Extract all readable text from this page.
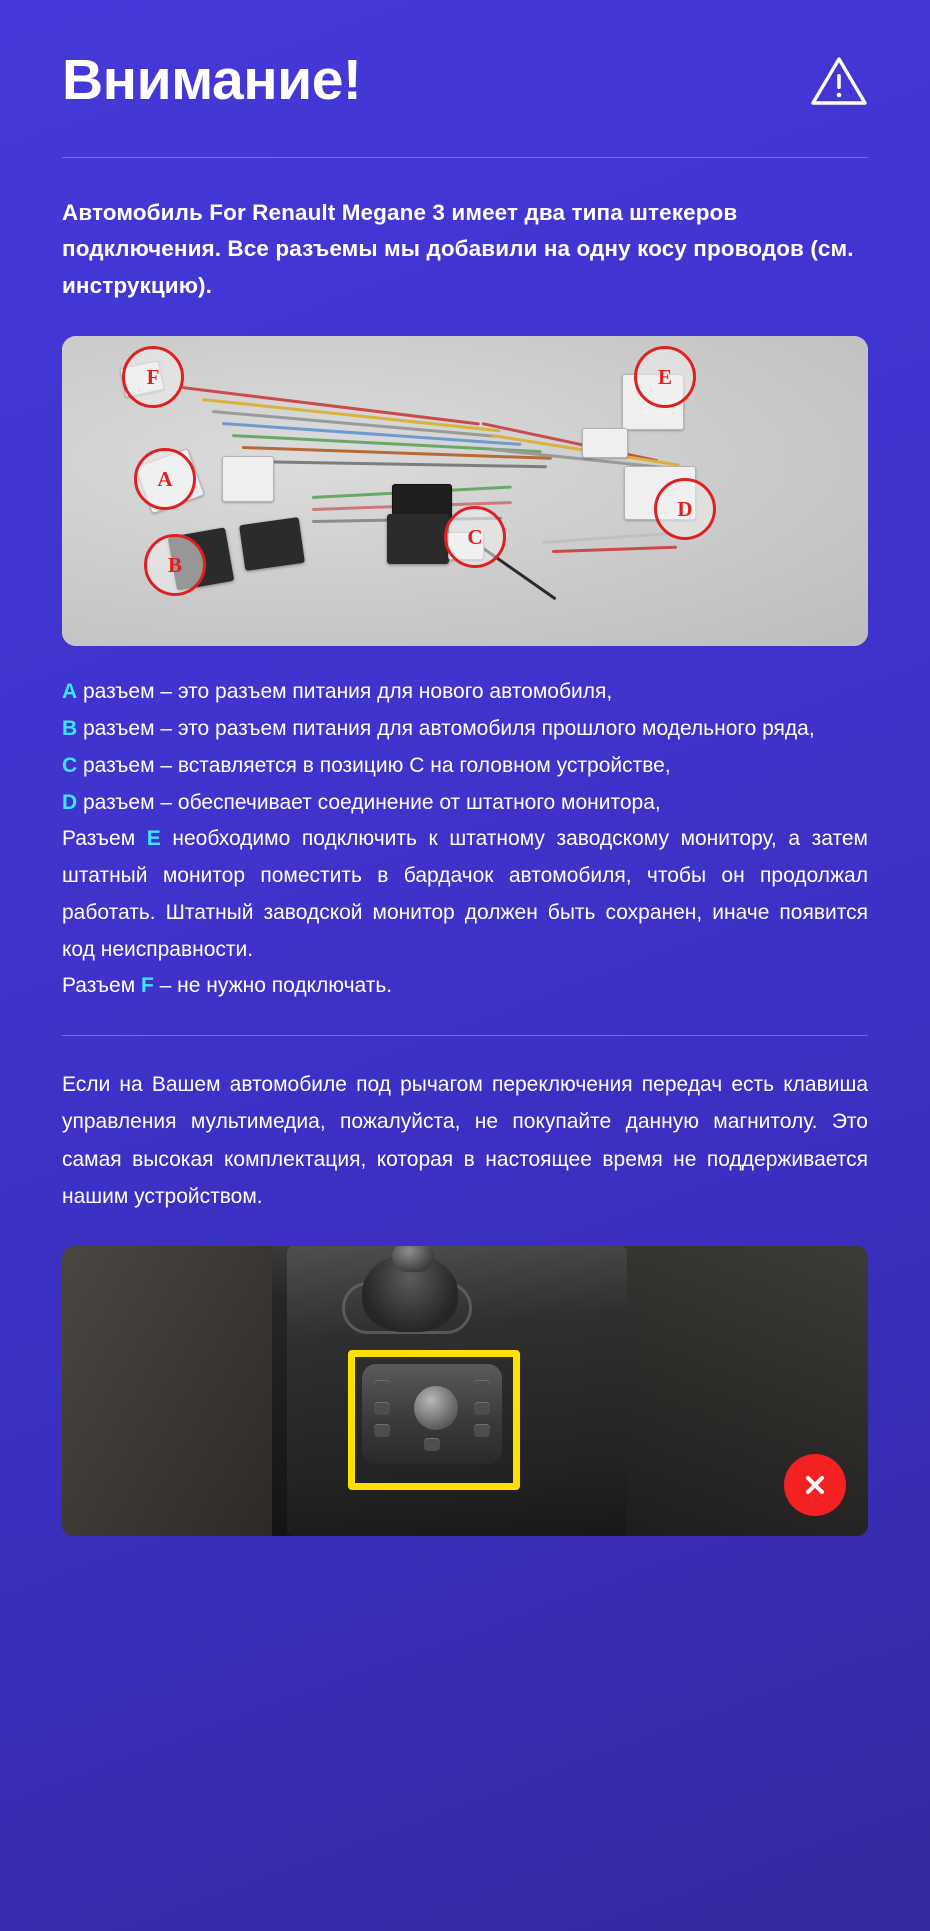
Внимание!
Автомобиль For Renault Megane 3 имеет два типа штекеров подключения. Все разъемы мы добавили на одну косу проводов (см. инструкцию).
F	E
A
D
B
C

A разъем – это разъем питания для нового автомобиля,

B разъем – это разъем питания для автомобиля прошлого модельного ряда,

C разъем – вставляется в позицию C на головном устройстве,

D разъем – обеспечивает соединение от штатного монитора,

Разъем E необходимо подключить к штатному заводскому монитору, а затем штатный монитор поместить в бардачок автомобиля, чтобы он продолжал работать. Штатный заводской монитор должен быть сохранен, иначе появится код неисправности.

Разъем F – не нужно подключать.

Если на Вашем автомобиле под рычагом переключения передач есть клавиша управления мультимедиа, пожалуйста, не покупайте данную магнитолу. Это самая высокая комплектация, которая в настоящее время не поддерживается нашим устройством.
